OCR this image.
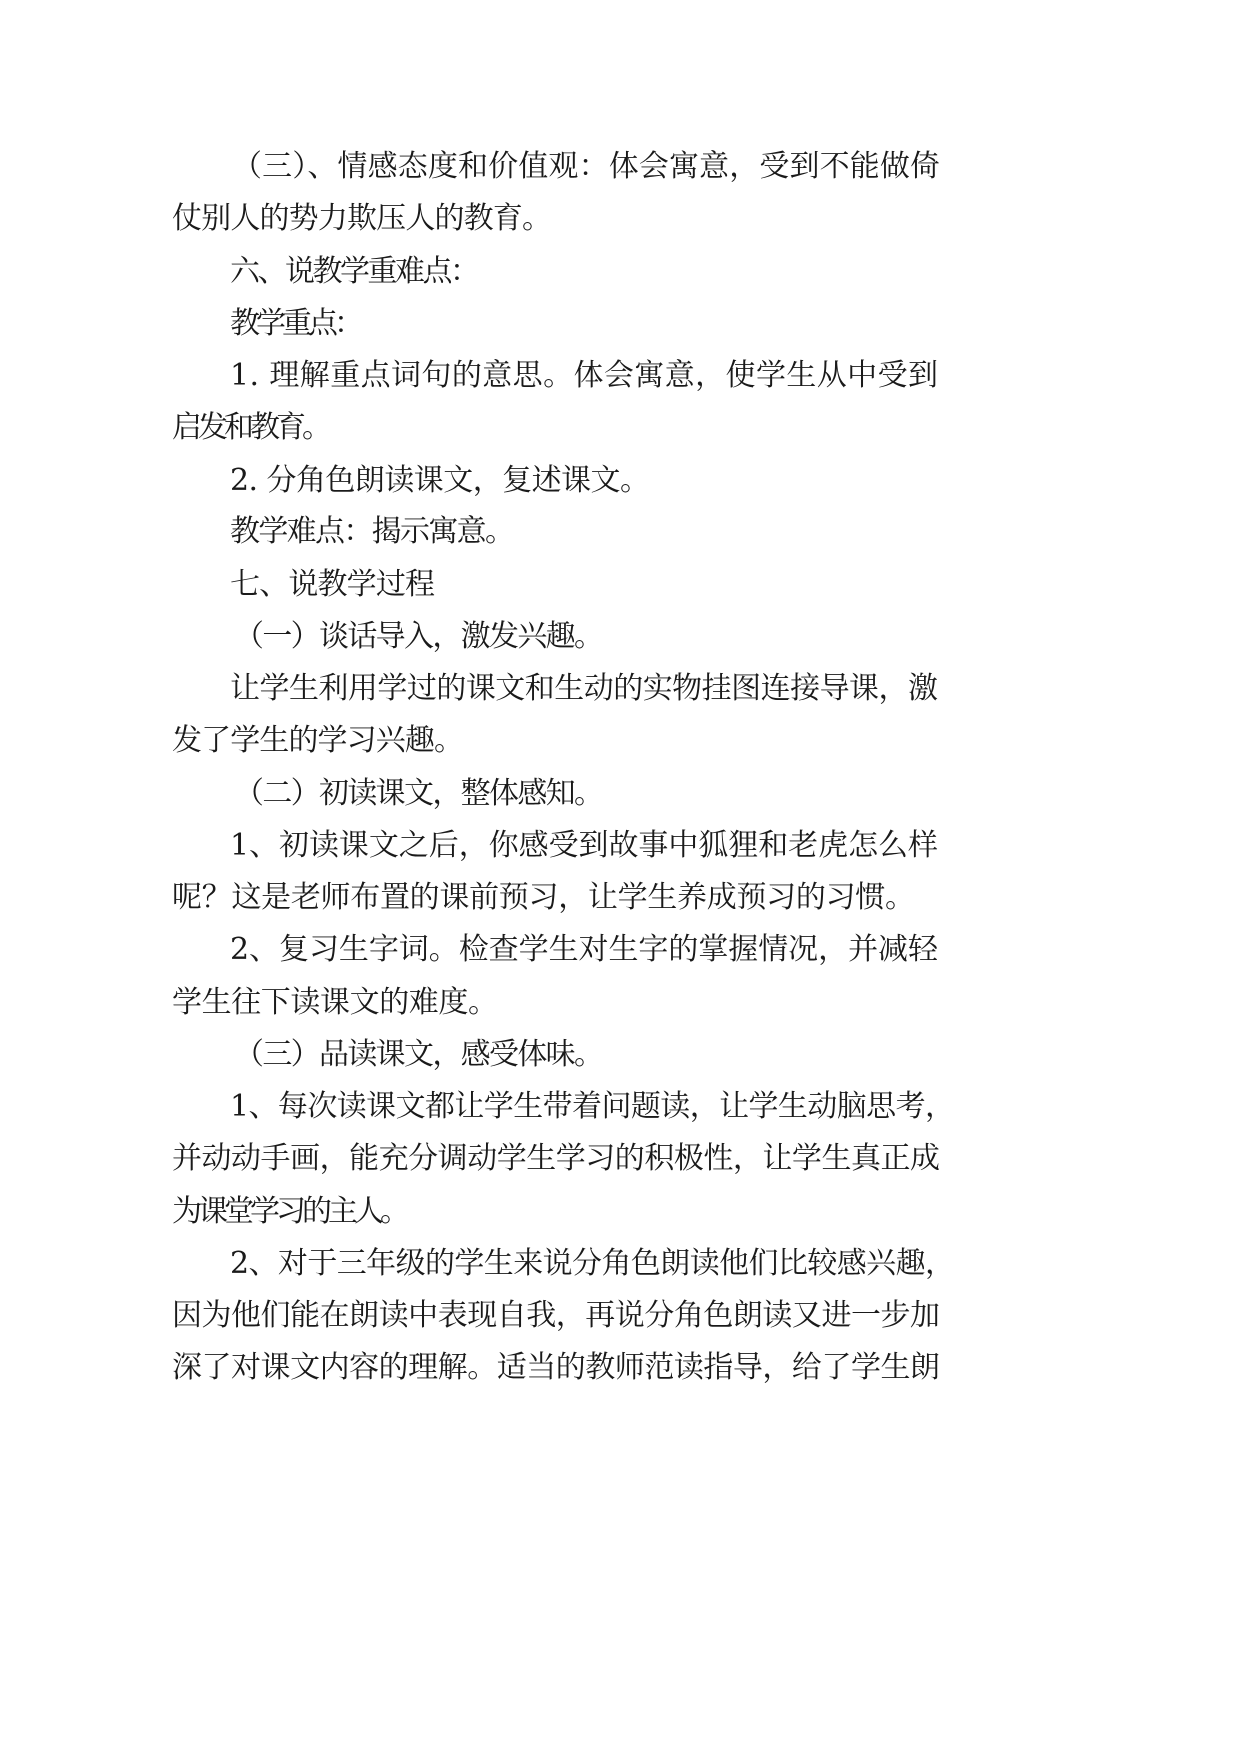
（三）、情感态度和价值观：体会寓意，受到不能做倚
仗别人的势力欺压人的教育。
六、说教学重难点：
教学重点：
1. 理解重点词句的意思。体会寓意，使学生从中受到
启发和教育。
2. 分角色朗读课文，复述课文。
教学难点：揭示寓意。
七、说教学过程
（一）谈话导入，激发兴趣。
让学生利用学过的课文和生动的实物挂图连接导课，激
发了学生的学习兴趣。
（二）初读课文，整体感知。
1、初读课文之后，你感受到故事中狐狸和老虎怎么样
呢？这是老师布置的课前预习，让学生养成预习的习惯。
2、复习生字词。检查学生对生字的掌握情况，并减轻
学生往下读课文的难度。
（三）品读课文，感受体味。
1、每次读课文都让学生带着问题读，让学生动脑思考，
并动动手画，能充分调动学生学习的积极性，让学生真正成
为课堂学习的主人。
2、对于三年级的学生来说分角色朗读他们比较感兴趣，
因为他们能在朗读中表现自我，再说分角色朗读又进一步加
深了对课文内容的理解。适当的教师范读指导，给了学生朗
